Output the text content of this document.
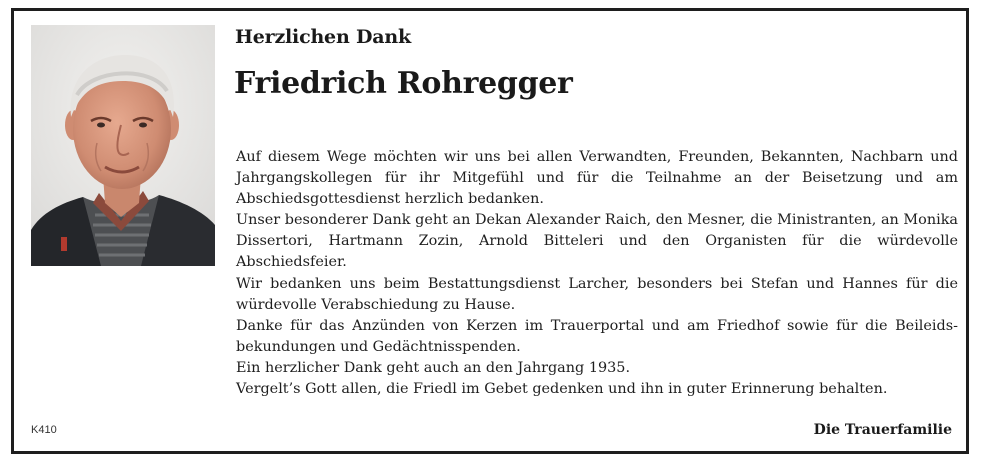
Herzlichen Dank
Friedrich Rohregger

Auf diesem Wege möchten wir uns bei allen Verwandten, Freunden, Bekannten, Nachbarn und Jahrgangskollegen für ihr Mitgefühl und für die Teilnahme an der Beisetzung und am Abschiedsgottesdienst herzlich bedanken.

Unser besonderer Dank geht an Dekan Alexander Raich, den Mesner, die Ministranten, an Monika Dissertori, Hartmann Zozin, Arnold Bitteleri und den Organisten für die würdevolle Abschiedsfeier.

Wir bedanken uns beim Bestattungsdienst Larcher, besonders bei Stefan und Hannes für die würdevolle Verabschiedung zu Hause.

Danke für das Anzünden von Kerzen im Trauerportal und am Friedhof sowie für die Beileidsbekundungen und Gedächtnisspenden.

Ein herzlicher Dank geht auch an den Jahrgang 1935.

Vergelt’s Gott allen, die Friedl im Gebet gedenken und ihn in guter Erinnerung behalten.

K410	Die Trauerfamilie
